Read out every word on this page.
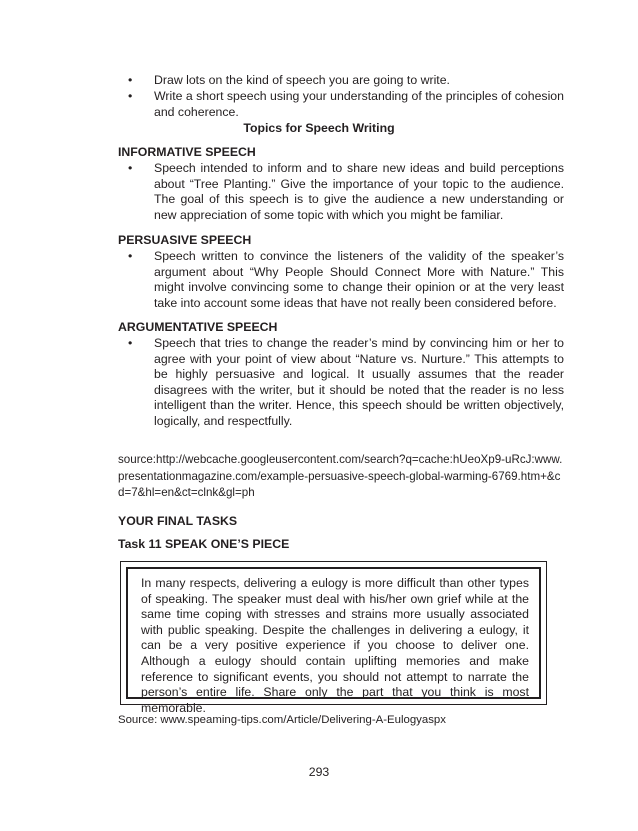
• Draw lots on the kind of speech you are going to write.
• Write a short speech using your understanding of the principles of cohesion and coherence.
Topics for Speech Writing
INFORMATIVE SPEECH
• Speech intended to inform and to share new ideas and build perceptions about “Tree Planting.” Give the importance of your topic to the audience. The goal of this speech is to give the audience a new understanding or new appreciation of some topic with which you might be familiar.
PERSUASIVE SPEECH
• Speech written to convince the listeners of the validity of the speaker’s argument about “Why People Should Connect More with Nature.” This might involve convincing some to change their opinion or at the very least take into account some ideas that have not really been considered before.
ARGUMENTATIVE SPEECH
• Speech that tries to change the reader’s mind by convincing him or her to agree with your point of view about “Nature vs. Nurture.” This attempts to be highly persuasive and logical. It usually assumes that the reader disagrees with the writer, but it should be noted that the reader is no less intelligent than the writer. Hence, this speech should be written objectively, logically, and respectfully.
source:http://webcache.googleusercontent.com/search?q=cache:hUeoXp9-uRcJ:www.presentationmagazine.com/example-persuasive-speech-global-warming-6769.htm+&cd=7&hl=en&ct=clnk&gl=ph
YOUR FINAL TASKS
Task 11 SPEAK ONE’S PIECE
In many respects, delivering a eulogy is more difficult than other types of speaking. The speaker must deal with his/her own grief while at the same time coping with stresses and strains more usually associated with public speaking. Despite the challenges in delivering a eulogy, it can be a very positive experience if you choose to deliver one. Although a eulogy should contain uplifting memories and make reference to significant events, you should not attempt to narrate the person’s entire life. Share only the part that you think is most memorable.
Source: www.speaming-tips.com/Article/Delivering-A-Eulogyaspx
293
